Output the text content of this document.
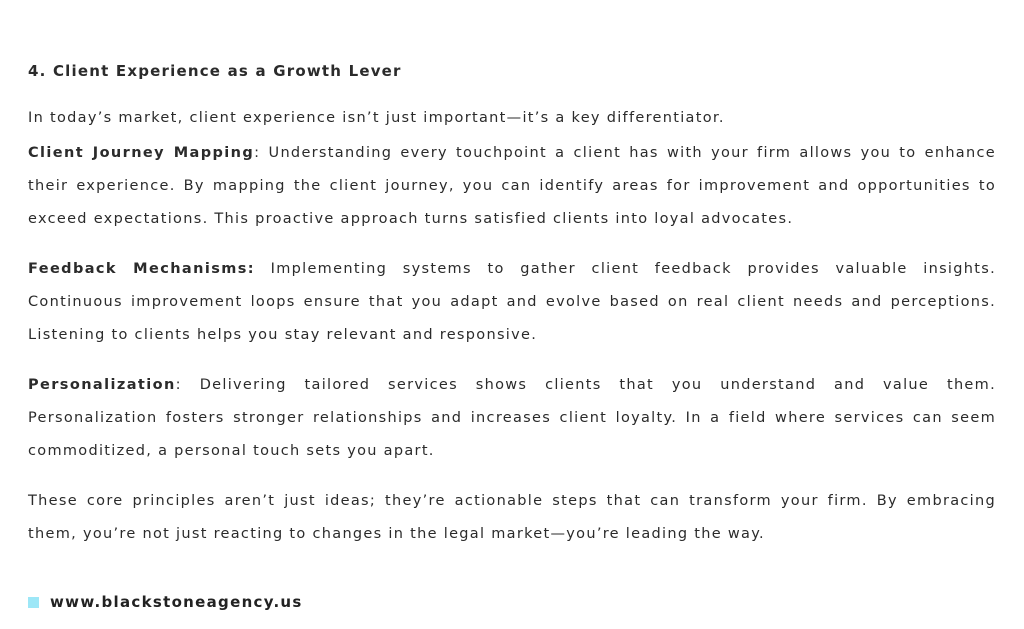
4. Client Experience as a Growth Lever

In today’s market, client experience isn’t just important—it’s a key differentiator.

Client Journey Mapping: Understanding every touchpoint a client has with your firm allows you to enhance their experience. By mapping the client journey, you can identify areas for improvement and opportunities to exceed expectations. This proactive approach turns satisfied clients into loyal advocates.

Feedback Mechanisms: Implementing systems to gather client feedback provides valuable insights. Continuous improvement loops ensure that you adapt and evolve based on real client needs and perceptions. Listening to clients helps you stay relevant and responsive.

Personalization: Delivering tailored services shows clients that you understand and value them. Personalization fosters stronger relationships and increases client loyalty. In a field where services can seem commoditized, a personal touch sets you apart.

These core principles aren’t just ideas; they’re actionable steps that can transform your firm. By embracing them, you’re not just reacting to changes in the legal market—you’re leading the way.

www.blackstoneagency.us
